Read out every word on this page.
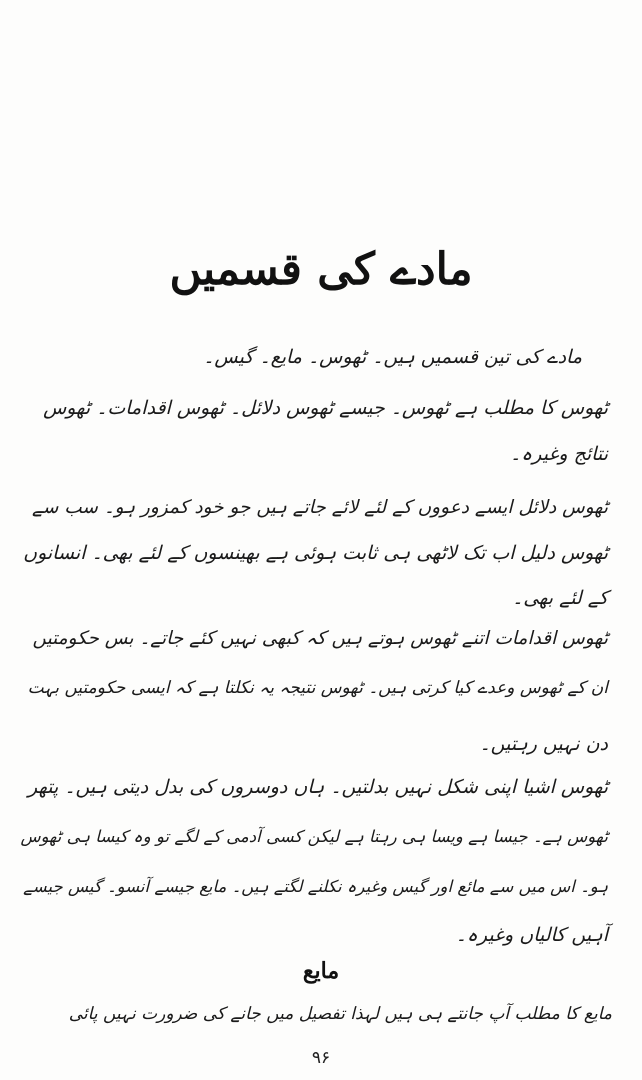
مادے کی قسمیں
مادے کی تین قسمیں ہیں۔ ٹھوس۔ مایع۔ گیس۔
ٹھوس کا مطلب ہے ٹھوس۔ جیسے ٹھوس دلائل۔ ٹھوس اقدامات۔ ٹھوس
نتائج وغیرہ۔
ٹھوس دلائل ایسے دعووں کے لئے لائے جاتے ہیں جو خود کمزور ہو۔ سب سے
ٹھوس دلیل اب تک لاٹھی ہی ثابت ہوئی ہے بھینسوں کے لئے بھی۔ انسانوں
کے لئے بھی۔
ٹھوس اقدامات اتنے ٹھوس ہوتے ہیں کہ کبھی نہیں کئے جاتے۔ بس حکومتیں
ان کے ٹھوس وعدے کیا کرتی ہیں۔ ٹھوس نتیجہ یہ نکلتا ہے کہ ایسی حکومتیں بہت
دن نہیں رہتیں۔
ٹھوس اشیا اپنی شکل نہیں بدلتیں۔ ہاں دوسروں کی بدل دیتی ہیں۔ پتھر
ٹھوس ہے۔ جیسا ہے ویسا ہی رہتا ہے لیکن کسی آدمی کے لگے تو وہ کیسا ہی ٹھوس
ہو۔ اس میں سے مائع اور گیس وغیرہ نکلنے لگتے ہیں۔ مایع جیسے آنسو۔ گیس جیسے
آہیں کالیاں وغیرہ۔
مایع
مایع کا مطلب آپ جانتے ہی ہیں لہذا تفصیل میں جانے کی ضرورت نہیں پائی
۹۶
